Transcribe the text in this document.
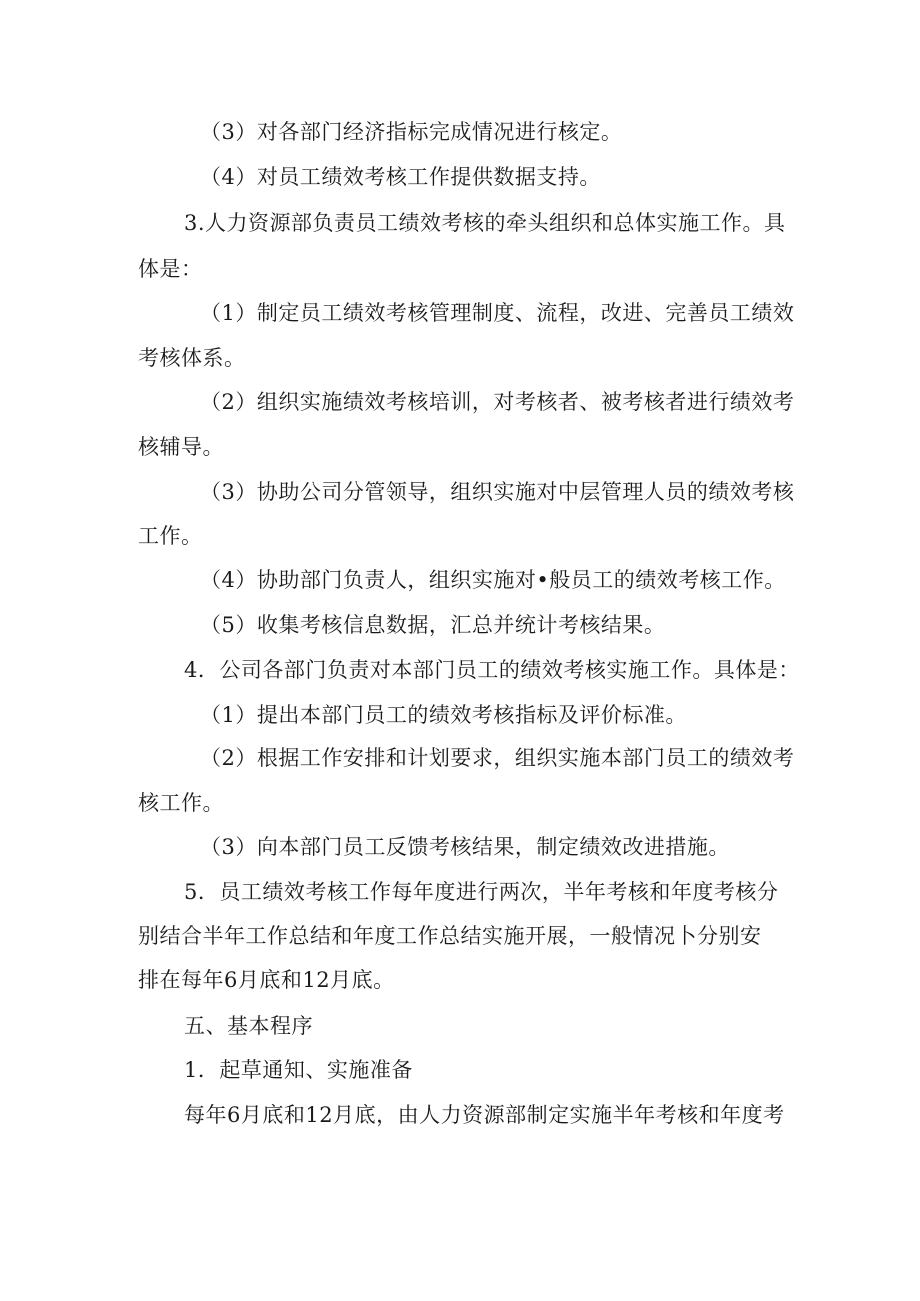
（3）对各部门经济指标完成情况进行核定。
（4）对员工绩效考核工作提供数据支持。
3.人力资源部负责员工绩效考核的牵头组织和总体实施工作。具
体是：
（1）制定员工绩效考核管理制度、流程，改进、完善员工绩效
考核体系。
（2）组织实施绩效考核培训，对考核者、被考核者进行绩效考
核辅导。
（3）协助公司分管领导，组织实施对中层管理人员的绩效考核
工作。
（4）协助部门负责人，组织实施对•般员工的绩效考核工作。
（5）收集考核信息数据，汇总并统计考核结果。
4．公司各部门负责对本部门员工的绩效考核实施工作。具体是：
（1）提出本部门员工的绩效考核指标及评价标准。
（2）根据工作安排和计划要求，组织实施本部门员工的绩效考
核工作。
（3）向本部门员工反馈考核结果，制定绩效改进措施。
5．员工绩效考核工作每年度进行两次，半年考核和年度考核分
别结合半年工作总结和年度工作总结实施开展，一般情况卜分别安
排在每年6月底和12月底。
五、基本程序
1．起草通知、实施准备
每年6月底和12月底，由人力资源部制定实施半年考核和年度考
